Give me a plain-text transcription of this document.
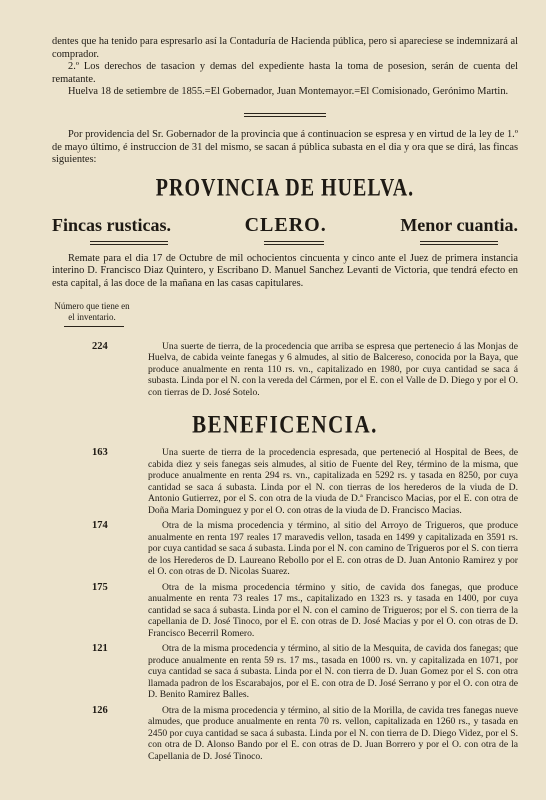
dentes que ha tenido para espresarlo así la Contaduría de Hacienda pública, pero si apareciese se indemnizará al comprador.

2.º Los derechos de tasacion y demas del expediente hasta la toma de posesion, serán de cuenta del rematante.

Huelva 18 de setiembre de 1855.=El Gobernador, Juan Montemayor.=El Comisionado, Gerónimo Martin.

Por providencia del Sr. Gobernador de la provincia que á continuacion se espresa y en virtud de la ley de 1.º de mayo último, é instruccion de 31 del mismo, se sacan á pública subasta en el dia y ora que se dirá, las fincas siguientes:

PROVINCIA DE HUELVA.
Fincas rusticas.	CLERO.	Menor cuantia.

Remate para el dia 17 de Octubre de mil ochocientos cincuenta y cinco ante el Juez de primera instancia interino D. Francisco Diaz Quintero, y Escribano D. Manuel Sanchez Levanti de Victoria, que tendrá efecto en esta capital, á las doce de la mañana en las casas capitulares.

Número que tiene en el inventario.
224	Una suerte de tierra, de la procedencia que arriba se espresa que pertenecio á las Monjas de Huelva, de cabida veinte fanegas y 6 almudes, al sitio de Balcereso, conocida por la Baya, que produce anualmente en renta 110 rs. vn., capitalizado en 1980, por cuya cantidad se saca á subasta. Linda por el N. con la vereda del Cármen, por el E. con el Valle de D. Diego y por el O. con tierras de D. José Sotelo.
BENEFICENCIA.
163	Una suerte de tierra de la procedencia espresada, que perteneció al Hospital de Bees, de cabida diez y seis fanegas seis almudes, al sitio de Fuente del Rey, término de la misma, que produce anualmente en renta 294 rs. vn., capitalizada en 5292 rs. y tasada en 8250, por cuya cantidad se saca á subasta. Linda por el N. con tierras de los herederos de la viuda de D. Antonio Gutierrez, por el S. con otra de la viuda de D.ª Francisco Macias, por el E. con otra de Doña Maria Dominguez y por el O. con otras de la viuda de D. Francisco Macias.
174	Otra de la misma procedencia y término, al sitio del Arroyo de Trigueros, que produce anualmente en renta 197 reales 17 maravedis vellon, tasada en 1499 y capitalizada en 3591 rs. por cuya cantidad se saca á subasta. Linda por el N. con camino de Trigueros por el S. con tierra de los Herederos de D. Laureano Rebollo por el E. con otras de D. Juan Antonio Ramirez y por el O. con otras de D. Nicolas Suarez.
175	Otra de la misma procedencia término y sitio, de cavida dos fanegas, que produce anualmente en renta 73 reales 17 ms., capitalizado en 1323 rs. y tasada en 1400, por cuya cantidad se saca á subasta. Linda por el N. con el camino de Trigueros; por el S. con tierra de la capellania de D. José Tinoco, por el E. con otras de D. José Macias y por el O. con otras de D. Francisco Becerril Romero.
121	Otra de la misma procedencia y término, al sitio de la Mesquita, de cavida dos fanegas; que produce anualmente en renta 59 rs. 17 ms., tasada en 1000 rs. vn. y capitalizada en 1071, por cuya cantidad se saca á subasta. Linda por el N. con tierra de D. Juan Gomez por el S. con otra llamada padron de los Escarabajos, por el E. con otra de D. José Serrano y por el O. con otra de D. Benito Ramirez Balles.
126	Otra de la misma procedencia y término, al sitio de la Morilla, de cavida tres fanegas nueve almudes, que produce anualmente en renta 70 rs. vellon, capitalizada en 1260 rs., y tasada en 2450 por cuya cantidad se saca á subasta. Linda por el N. con tierra de D. Diego Videz, por el S. con otra de D. Alonso Bando por el E. con otras de D. Juan Borrero y por el O. con otra de la Capellania de D. José Tinoco.
